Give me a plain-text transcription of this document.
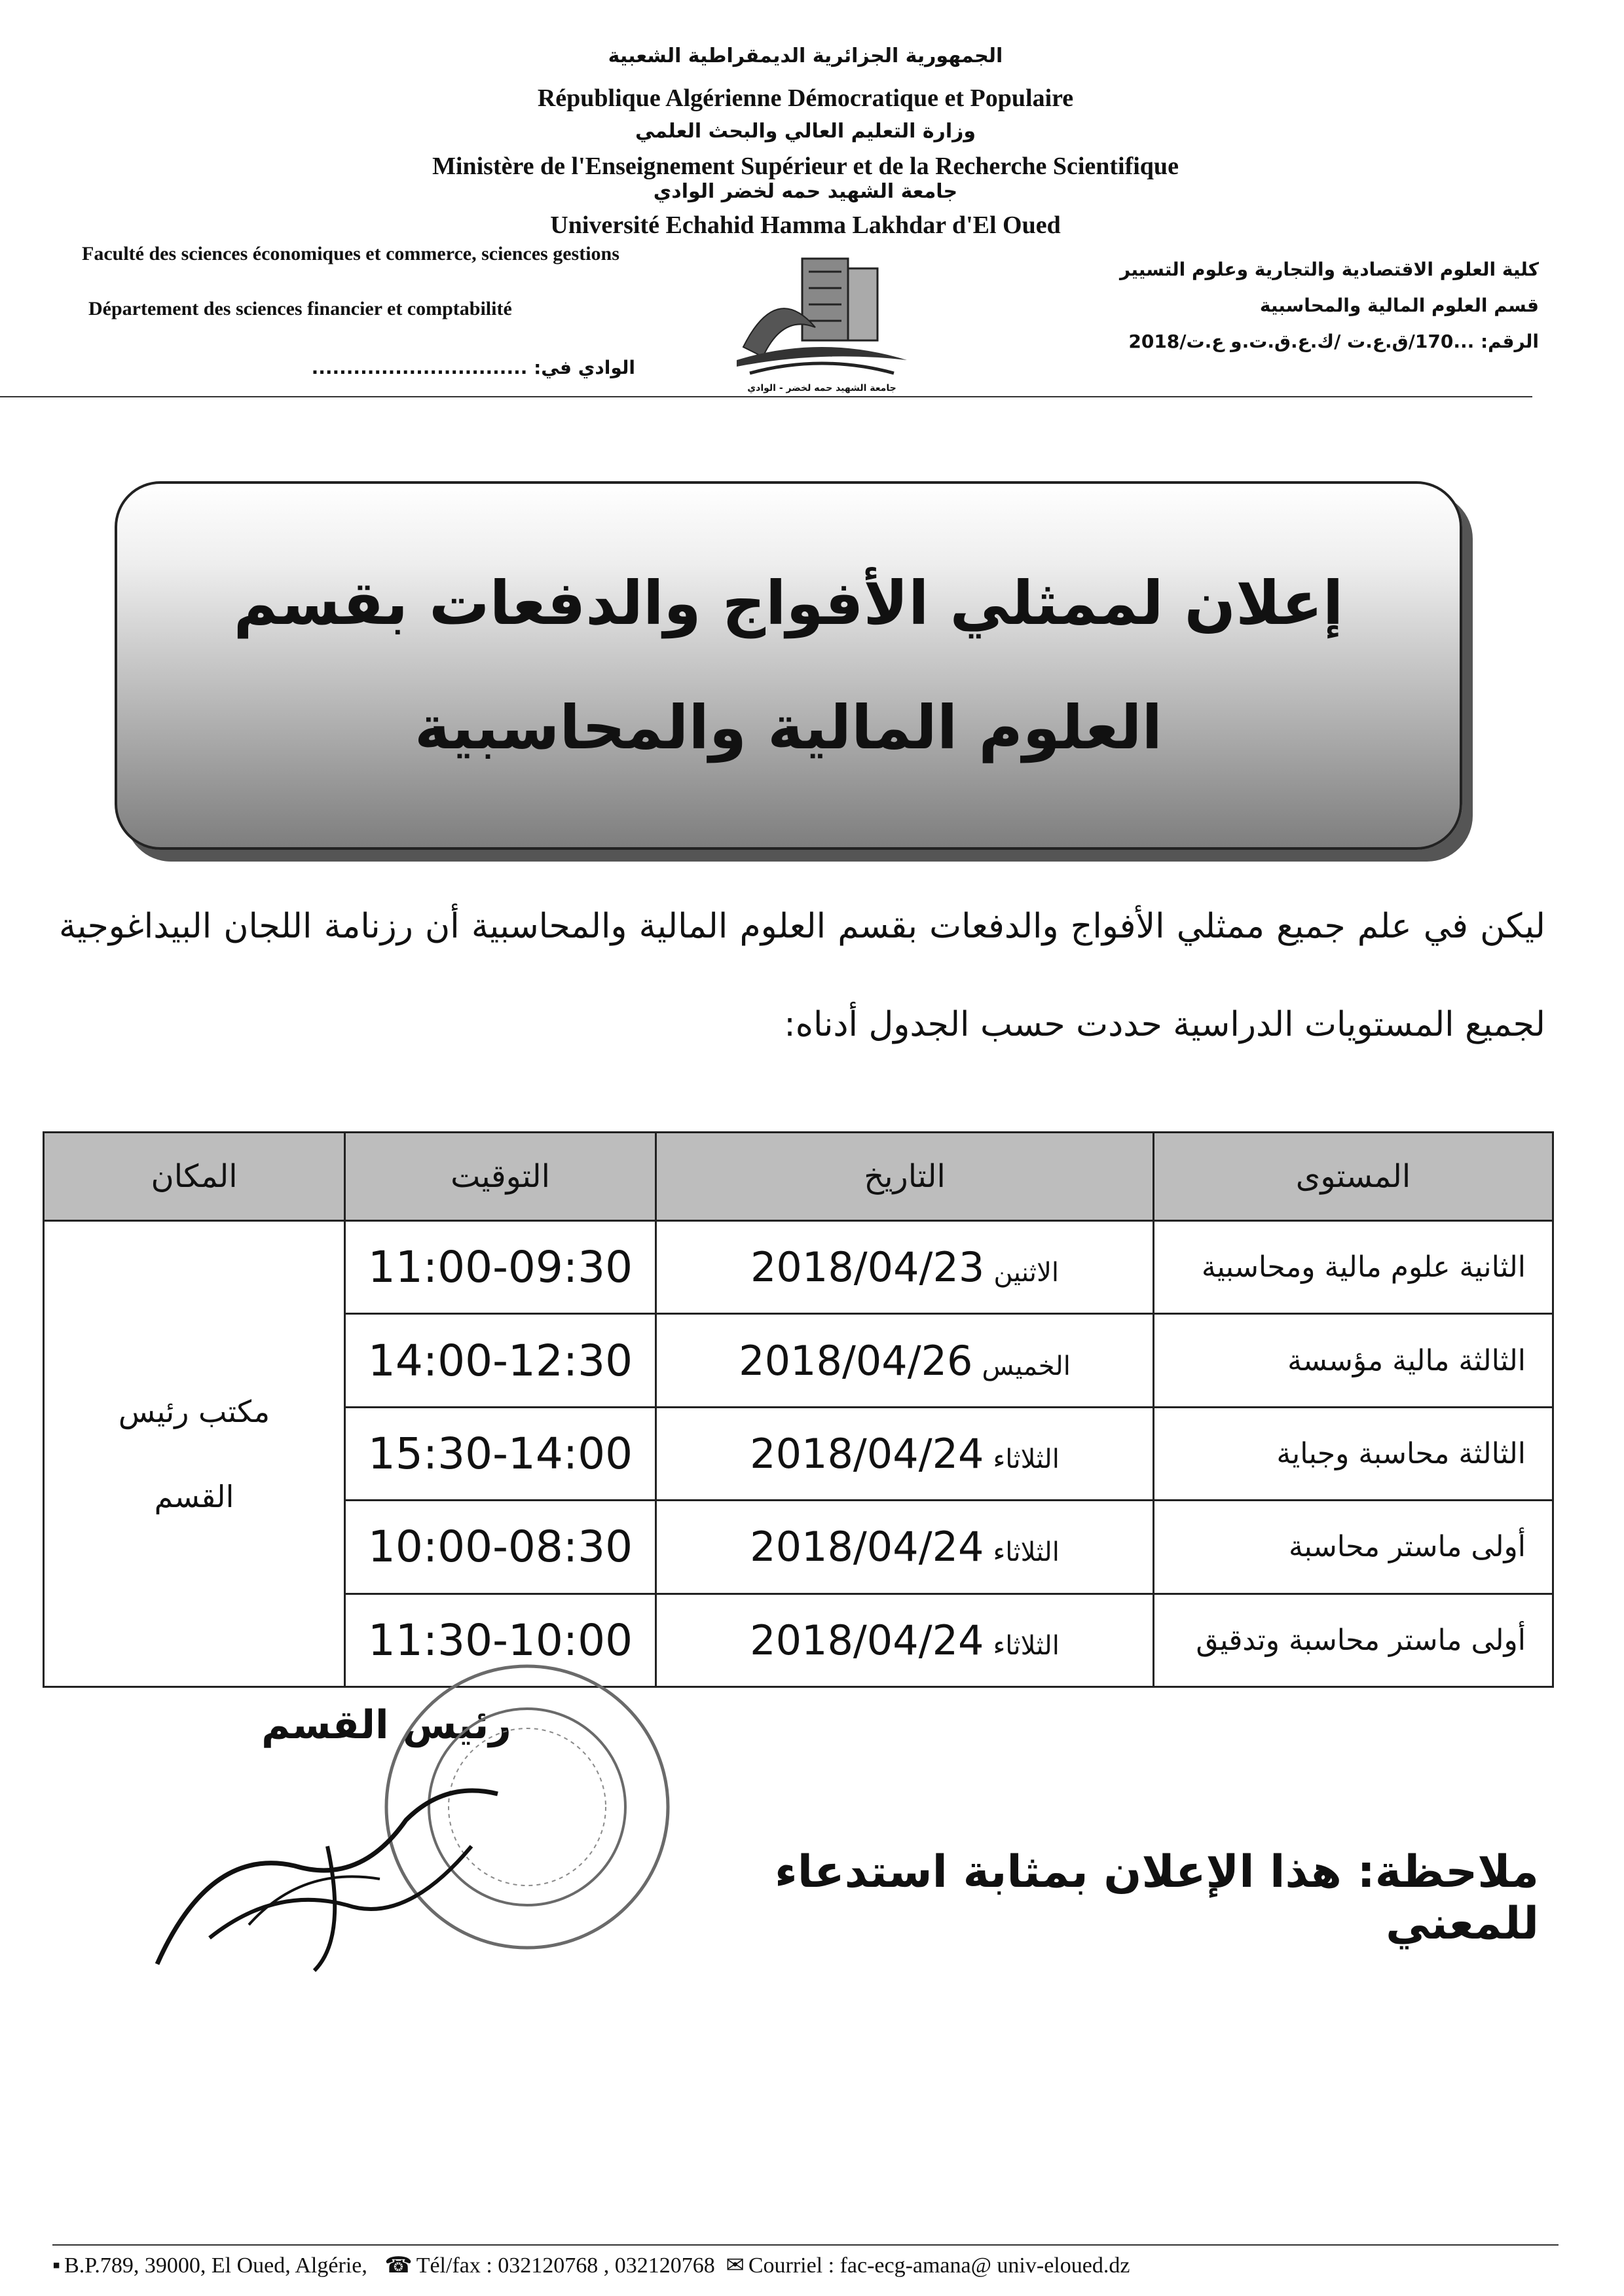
الجمهورية الجزائرية الديمقراطية الشعبية
République Algérienne Démocratique et Populaire
وزارة التعليم العالي والبحث العلمي
Ministère de l'Enseignement Supérieur et de la Recherche Scientifique
جامعة الشهيد حمه لخضر الوادي
Université Echahid Hamma Lakhdar d'El Oued
Faculté des sciences économiques et commerce, sciences gestions
Département des sciences financier et comptabilité
الوادي في: ...............................
كلية العلوم الاقتصادية والتجارية وعلوم التسيير
قسم العلوم المالية والمحاسبية
الرقم: ...170/ق.ع.ت /ك.ع.ق.ت.و ع.ت/2018
جامعة الشهيد حمه لخضر - الوادي
إعلان لممثلي الأفواج والدفعات بقسم العلوم المالية والمحاسبية
ليكن في علم جميع ممثلي الأفواج والدفعات بقسم العلوم المالية والمحاسبية أن رزنامة اللجان البيداغوجية لجميع المستويات الدراسية حددت حسب الجدول أدناه:
المستوى	التاريخ	التوقيت	المكان
الثانية علوم مالية ومحاسبية	الاثنين2018/04/23	11:00-09:30	مكتب رئيس القسم

الثالثة مالية مؤسسة	الخميس2018/04/26	14:00-12:30	
الثالثة محاسبة وجباية	الثلاثاء2018/04/24	15:30-14:00	
أولى ماستر محاسبة	الثلاثاء2018/04/24	10:00-08:30	
أولى ماستر محاسبة وتدقيق	الثلاثاء2018/04/24	11:30-10:00	
رئيس القسم
ملاحظة: هذا الإعلان بمثابة استدعاء للمعني
▪ B.P.789, 39000, El Oued, Algérie, ☎ Tél/fax : 032120768 , 032120768 ✉ Courriel : fac-ecg-amana@ univ-eloued.dz
